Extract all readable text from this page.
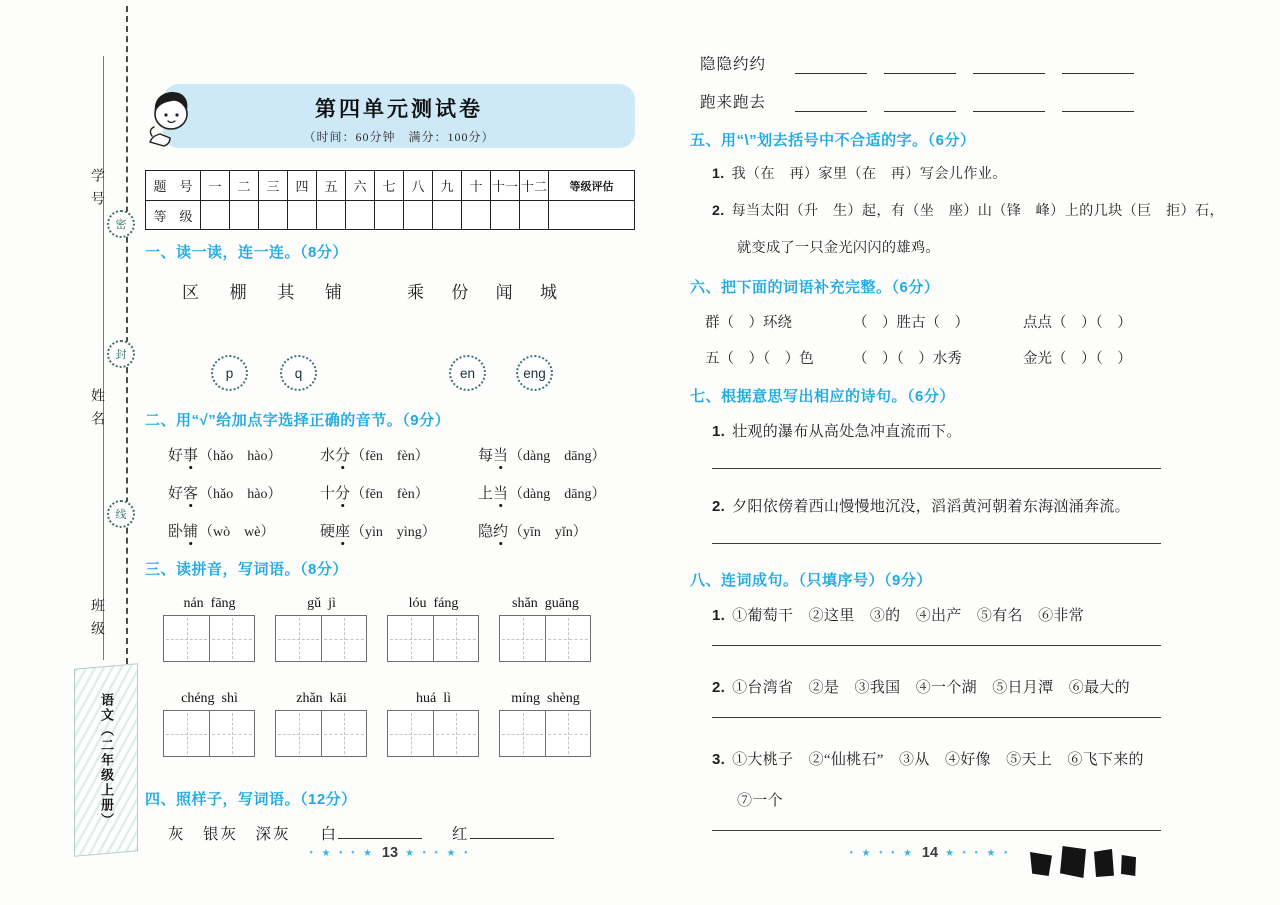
学号
姓名
班级
密
封
线
语文（二年级上册）
第四单元测试卷
（时间：60分钟　满分：100分）
题　号	一	二	三	四	五	六	七	八	九	十 十一 十二	等级评估
等　级
一、读一读，连一连。（8分）
区 棚 其 铺	乘 份 闻 城
p	q	en	eng
二、用“√”给加点字选择正确的音节。（9分）
好事（hǎo　hào）	水分（fēn　fèn）	每当（dàng　dāng）
好客（hǎo　hào）	十分（fēn　fèn）	上当（dàng　dāng）
卧铺（wò　wè）	硬座（yìn　yìng）	隐约（yīn　yǐn）
三、读拼音，写词语。（8分）
nán  fāng	gǔ  jì	lóu  fáng	shǎn  guāng
chéng  shì	zhǎn  kāi	huá  lì	míng  shèng
四、照样子，写词语。（12分）
灰　银灰　深灰 白	红
• ★ • • ★ 13 ★ • • ★ •
隐隐约约
跑来跑去
五、用“\”划去括号中不合适的字。（6分）
1. 我（在　再）家里（在　再）写会儿作业。
2. 每当太阳（升　生）起，有（坐　座）山（锋　峰）上的几块（巨　拒）石，
就变成了一只金光闪闪的雄鸡。
六、把下面的词语补充完整。（6分）
群（　）环绕	（　）胜古（　）	点点（　）（　）
五（　）（　）色	（　）（　）水秀	金光（　）（　）
七、根据意思写出相应的诗句。（6分）
1. 壮观的瀑布从高处急冲直流而下。
2. 夕阳依傍着西山慢慢地沉没，滔滔黄河朝着东海汹涌奔流。
八、连词成句。（只填序号）（9分）
1. ①葡萄干　②这里　③的　④出产　⑤有名　⑥非常
2. ①台湾省　②是　③我国　④一个湖　⑤日月潭　⑥最大的
3. ①大桃子　②“仙桃石”　③从　④好像　⑤天上　⑥飞下来的
⑦一个
• ★ • • ★ 14 ★ • • ★ •
